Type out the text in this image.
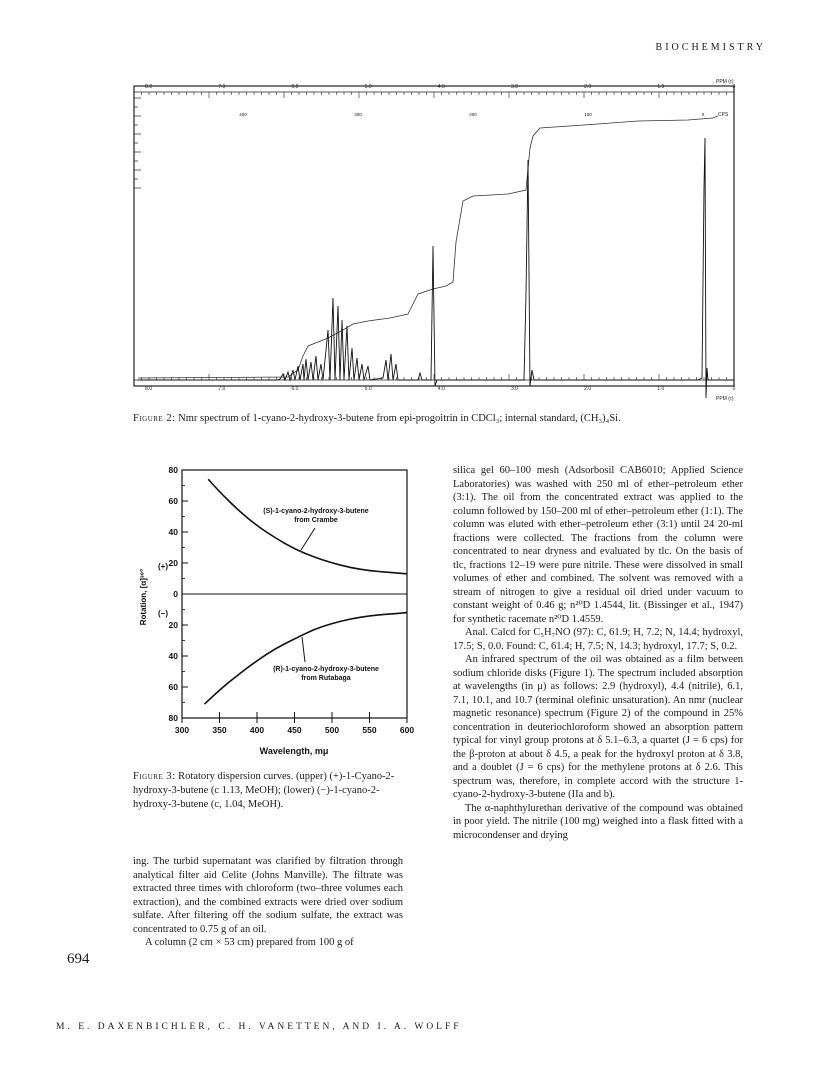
BIOCHEMISTRY
8.0	7.0	6.0	5.0	4.0	3.0	2.0	1.0	0
400	300	200	100	0
8.0	7.0	6.0	5.0	4.0	3.0	2.0	1.0	0
PPM (τ)
PPM (τ)
CPS
Figure 2: Nmr spectrum of 1-cyano-2-hydroxy-3-butene from epi-progoitrin in CDCl₃; internal standard, (CH₃)₄Si.
80
60
40
20
0
20
40
60
80
300	350	400	450	500	550	600
Wavelength, mμ
Rotation, [α]³⁰°
(+)
(−)
(S)-1-cyano-2-hydroxy-3-butene
from Crambe
(R)-1-cyano-2-hydroxy-3-butene
from Rutabaga
Figure 3: Rotatory dispersion curves. (upper) (+)-1-Cyano-2-hydroxy-3-butene (c 1.13, MeOH); (lower) (−)-1-cyano-2-hydroxy-3-butene (c, 1.04, MeOH).

ing. The turbid supernatant was clarified by filtration through analytical filter aid Celite (Johns Manville). The filtrate was extracted three times with chloroform (two–three volumes each extraction), and the combined extracts were dried over sodium sulfate. After filtering off the sodium sulfate, the extract was concentrated to 0.75 g of an oil.

A column (2 cm × 53 cm) prepared from 100 g of

silica gel 60–100 mesh (Adsorbosil CAB6010; Applied Science Laboratories) was washed with 250 ml of ether–petroleum ether (3:1). The oil from the concentrated extract was applied to the column followed by 150–200 ml of ether–petroleum ether (1:1). The column was eluted with ether–petroleum ether (3:1) until 24 20-ml fractions were collected. The fractions from the column were concentrated to near dryness and evaluated by tlc. On the basis of tlc, fractions 12–19 were pure nitrile. These were dissolved in small volumes of ether and combined. The solvent was removed with a stream of nitrogen to give a residual oil dried under vacuum to constant weight of 0.46 g; n²⁰D 1.4544, lit. (Bissinger et al., 1947) for synthetic racemate n²⁰D 1.4559.

Anal. Calcd for C₅H₇NO (97): C, 61.9; H, 7.2; N, 14.4; hydroxyl, 17.5; S, 0.0. Found: C, 61.4; H, 7.5; N, 14.3; hydroxyl, 17.7; S, 0.2.

An infrared spectrum of the oil was obtained as a film between sodium chloride disks (Figure 1). The spectrum included absorption at wavelengths (in μ) as follows: 2.9 (hydroxyl), 4.4 (nitrile), 6.1, 7.1, 10.1, and 10.7 (terminal olefinic unsaturation). An nmr (nuclear magnetic resonance) spectrum (Figure 2) of the compound in 25% concentration in deuteriochloroform showed an absorption pattern typical for vinyl group protons at δ 5.1–6.3, a quartet (J = 6 cps) for the β-proton at about δ 4.5, a peak for the hydroxyl proton at δ 3.8, and a doublet (J = 6 cps) for the methylene protons at δ 2.6. This spectrum was, therefore, in complete accord with the structure 1-cyano-2-hydroxy-3-butene (IIa and b).

The α-naphthylurethan derivative of the compound was obtained in poor yield. The nitrile (100 mg) weighed into a flask fitted with a microcondenser and drying

694
M. E. DAXENBICHLER, C. H. VANETTEN, AND I. A. WOLFF
